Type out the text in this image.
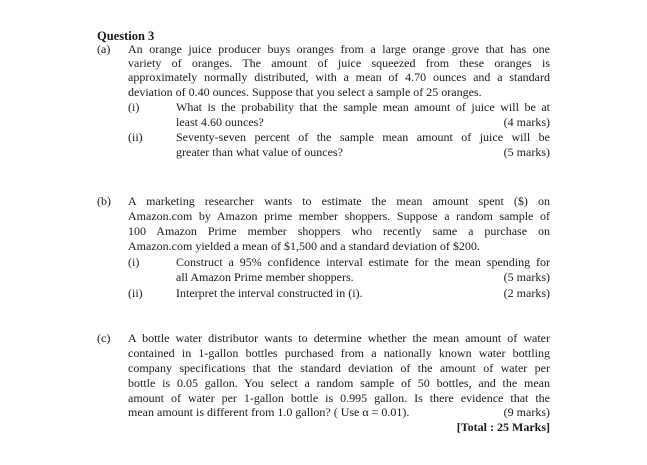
Question 3
(a) An orange juice producer buys oranges from a large orange grove that has one
variety of oranges. The amount of juice squeezed from these oranges is
approximately normally distributed, with a mean of 4.70 ounces and a standard
deviation of 0.40 ounces. Suppose that you select a sample of 25 oranges.
(i)	What is the probability that the sample mean amount of juice will be at
least 4.60 ounces?	(4 marks)
(ii)	Seventy-seven percent of the sample mean amount of juice will be
greater than what value of ounces?	(5 marks)
(b) A marketing researcher wants to estimate the mean amount spent ($) on
Amazon.com by Amazon prime member shoppers. Suppose a random sample of
100 Amazon Prime member shoppers who recently same a purchase on
Amazon.com yielded a mean of $1,500 and a standard deviation of $200.
(i)	Construct a 95% confidence interval estimate for the mean spending for
all Amazon Prime member shoppers.	(5 marks)
(ii)	Interpret the interval constructed in (i).	(2 marks)
(c) A bottle water distributor wants to determine whether the mean amount of water
contained in 1-gallon bottles purchased from a nationally known water bottling
company specifications that the standard deviation of the amount of water per
bottle is 0.05 gallon. You select a random sample of 50 bottles, and the mean
amount of water per 1-gallon bottle is 0.995 gallon. Is there evidence that the
mean amount is different from 1.0 gallon? ( Use α = 0.01).	(9 marks)
[Total : 25 Marks]
